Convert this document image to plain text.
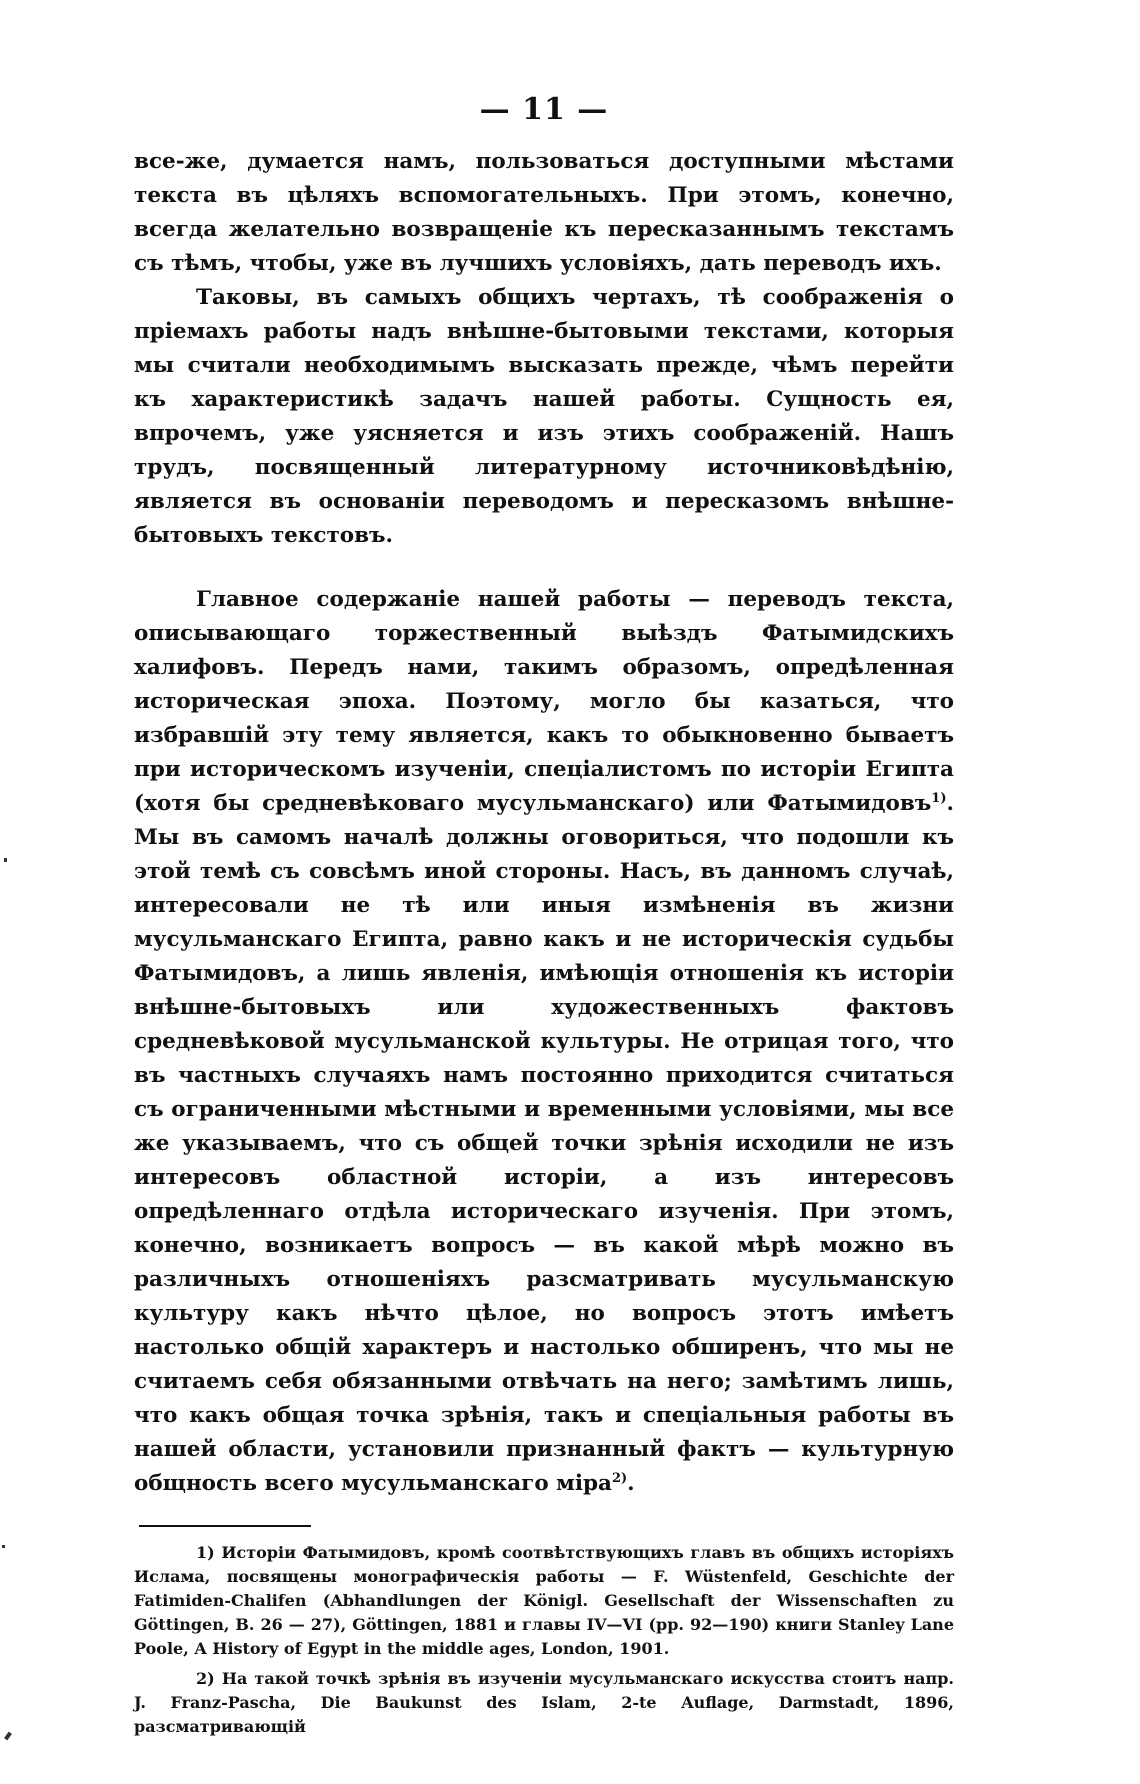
— 11 —

все-же, думается намъ, пользоваться доступными мѣстами текста въ цѣляхъ вспомогательныхъ. При этомъ, конечно, всегда желательно возвращеніе къ пересказаннымъ текстамъ съ тѣмъ, чтобы, уже въ лучшихъ условіяхъ, дать переводъ ихъ.

Таковы, въ самыхъ общихъ чертахъ, тѣ соображенія о пріемахъ работы надъ внѣшне-бытовыми текстами, которыя мы считали необходимымъ высказать прежде, чѣмъ перейти къ характеристикѣ задачъ нашей работы. Сущность ея, впрочемъ, уже уясняется и изъ этихъ соображеній. Нашъ трудъ, посвященный литературному источниковѣдѣнію, является въ основаніи переводомъ и пересказомъ внѣшне-бытовыхъ текстовъ.

Главное содержаніе нашей работы — переводъ текста, описывающаго торжественный выѣздъ Фатымидскихъ халифовъ. Передъ нами, такимъ образомъ, опредѣленная историческая эпоха. Поэтому, могло бы казаться, что избравшій эту тему является, какъ то обыкновенно бываетъ при историческомъ изученіи, спеціалистомъ по исторіи Египта (хотя бы средневѣковаго мусульманскаго) или Фатымидовъ$^{1)}$. Мы въ самомъ началѣ должны оговориться, что подошли къ этой темѣ съ совсѣмъ иной стороны. Насъ, въ данномъ случаѣ, интересовали не тѣ или иныя измѣненія въ жизни мусульманскаго Египта, равно какъ и не историческія судьбы Фатымидовъ, а лишь явленія, имѣющія отношенія къ исторіи внѣшне-бытовыхъ или художественныхъ фактовъ средневѣковой мусульманской культуры. Не отрицая того, что въ частныхъ случаяхъ намъ постоянно приходится считаться съ ограниченными мѣстными и временными условіями, мы все же указываемъ, что съ общей точки зрѣнія исходили не изъ интересовъ областной исторіи, а изъ интересовъ опредѣленнаго отдѣла историческаго изученія. При этомъ, конечно, возникаетъ вопросъ — въ какой мѣрѣ можно въ различныхъ отношеніяхъ разсматривать мусульманскую культуру какъ нѣчто цѣлое, но вопросъ этотъ имѣетъ настолько общій характеръ и настолько обширенъ, что мы не считаемъ себя обязанными отвѣчать на него; замѣтимъ лишь, что какъ общая точка зрѣнія, такъ и спеціальныя работы въ нашей области, установили признанный фактъ — культурную общность всего мусульманскаго міра$^{2)}$.

1) Исторіи Фатымидовъ, кромѣ соотвѣтствующихъ главъ въ общихъ исторіяхъ Ислама, посвящены монографическія работы — F. Wüstenfeld, Geschichte der Fatimiden-Chalifen (Abhandlungen der Königl. Gesellschaft der Wissenschaften zu Göttingen, B. 26 — 27), Göttingen, 1881 и главы IV—VI (pp. 92—190) книги Stanley Lane Poole, A History of Egypt in the middle ages, London, 1901.

2) На такой точкѣ зрѣнія въ изученіи мусульманскаго искусства стоитъ напр. J. Franz-Pascha, Die Baukunst des Islam, 2-te Auflage, Darmstadt, 1896, разсматривающій
